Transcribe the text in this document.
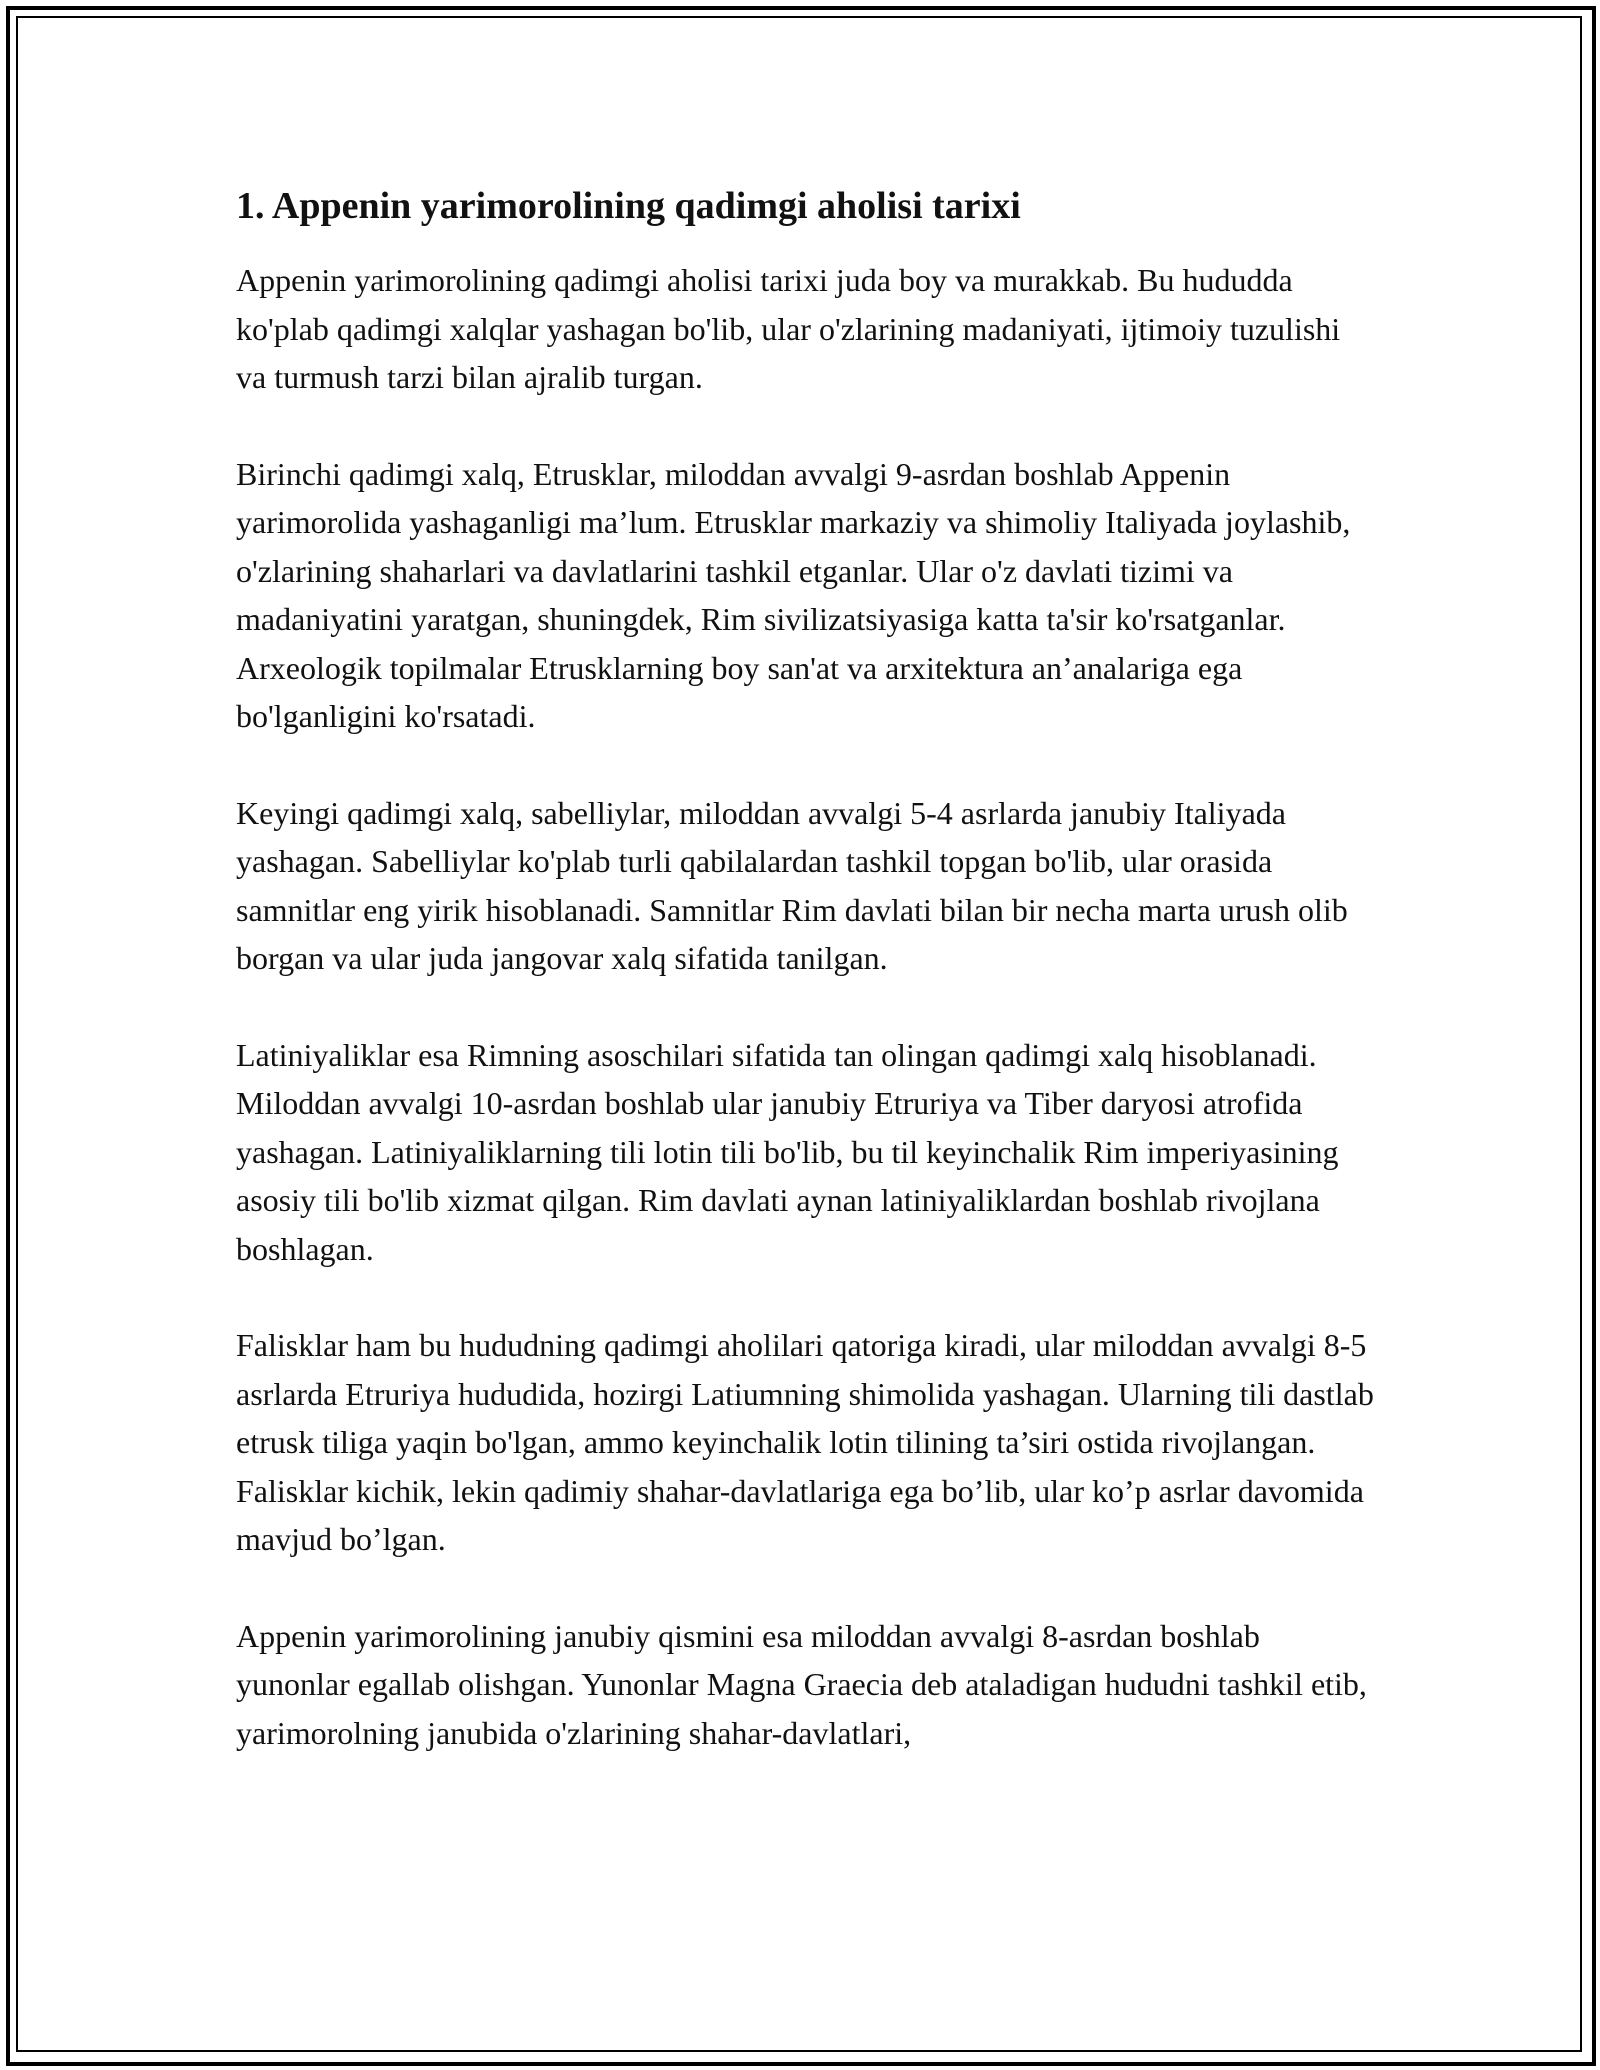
1. Appenin yarimorolining qadimgi aholisi tarixi

Appenin yarimorolining qadimgi aholisi tarixi juda boy va murakkab. Bu hududda ko'plab qadimgi xalqlar yashagan bo'lib, ular o'zlarining madaniyati, ijtimoiy tuzulishi va turmush tarzi bilan ajralib turgan.

Birinchi qadimgi xalq, Etrusklar, miloddan avvalgi 9-asrdan boshlab Appenin yarimorolida yashaganligi ma’lum. Etrusklar markaziy va shimoliy Italiyada joylashib, o'zlarining shaharlari va davlatlarini tashkil etganlar. Ular o'z davlati tizimi va madaniyatini yaratgan, shuningdek, Rim sivilizatsiyasiga katta ta'sir ko'rsatganlar. Arxeologik topilmalar Etrusklarning boy san'at va arxitektura an’analariga ega bo'lganligini ko'rsatadi.

Keyingi qadimgi xalq, sabelliylar, miloddan avvalgi 5-4 asrlarda janubiy Italiyada yashagan. Sabelliylar ko'plab turli qabilalardan tashkil topgan bo'lib, ular orasida samnitlar eng yirik hisoblanadi. Samnitlar Rim davlati bilan bir necha marta urush olib borgan va ular juda jangovar xalq sifatida tanilgan.

Latiniyaliklar esa Rimning asoschilari sifatida tan olingan qadimgi xalq hisoblanadi. Miloddan avvalgi 10-asrdan boshlab ular janubiy Etruriya va Tiber daryosi atrofida yashagan. Latiniyaliklarning tili lotin tili bo'lib, bu til keyinchalik Rim imperiyasining asosiy tili bo'lib xizmat qilgan. Rim davlati aynan latiniyaliklardan boshlab rivojlana boshlagan.

Falisklar ham bu hududning qadimgi aholilari qatoriga kiradi, ular miloddan avvalgi 8-5 asrlarda Etruriya hududida, hozirgi Latiumning shimolida yashagan. Ularning tili dastlab etrusk tiliga yaqin bo'lgan, ammo keyinchalik lotin tilining ta’siri ostida rivojlangan. Falisklar kichik, lekin qadimiy shahar-davlatlariga ega bo’lib, ular ko’p asrlar davomida mavjud bo’lgan.

Appenin yarimorolining janubiy qismini esa miloddan avvalgi 8-asrdan boshlab yunonlar egallab olishgan. Yunonlar Magna Graecia deb ataladigan hududni tashkil etib, yarimorolning janubida o'zlarining shahar-davlatlari,
